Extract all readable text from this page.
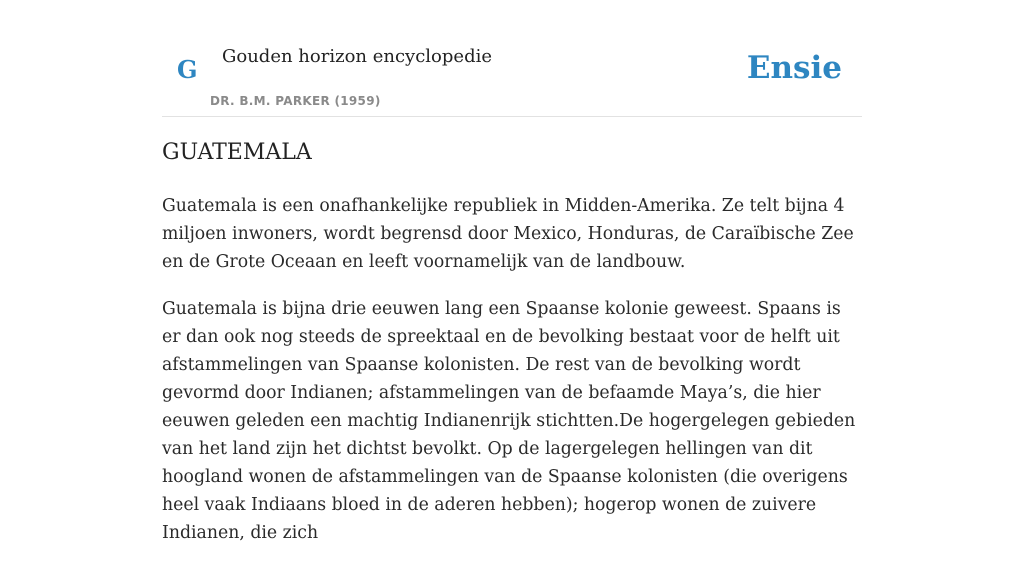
G Gouden horizon encyclopedie
DR. B.M. PARKER (1959)
Ensie
GUATEMALA

Guatemala is een onafhankelijke republiek in Midden-Amerika. Ze telt bijna 4 miljoen inwoners, wordt begrensd door Mexico, Honduras, de Caraïbische Zee en de Grote Oceaan en leeft voornamelijk van de landbouw.

Guatemala is bijna drie eeuwen lang een Spaanse kolonie geweest. Spaans is er dan ook nog steeds de spreektaal en de bevolking bestaat voor de helft uit afstammelingen van Spaanse kolonisten. De rest van de bevolking wordt gevormd door Indianen; afstammelingen van de befaamde Maya’s, die hier eeuwen geleden een machtig Indianenrijk stichtten.De hogergelegen gebieden van het land zijn het dichtst bevolkt. Op de lagergelegen hellingen van dit hoogland wonen de afstammelingen van de Spaanse kolonisten (die overigens heel vaak Indiaans bloed in de aderen hebben); hogerop wonen de zuivere Indianen, die zich
